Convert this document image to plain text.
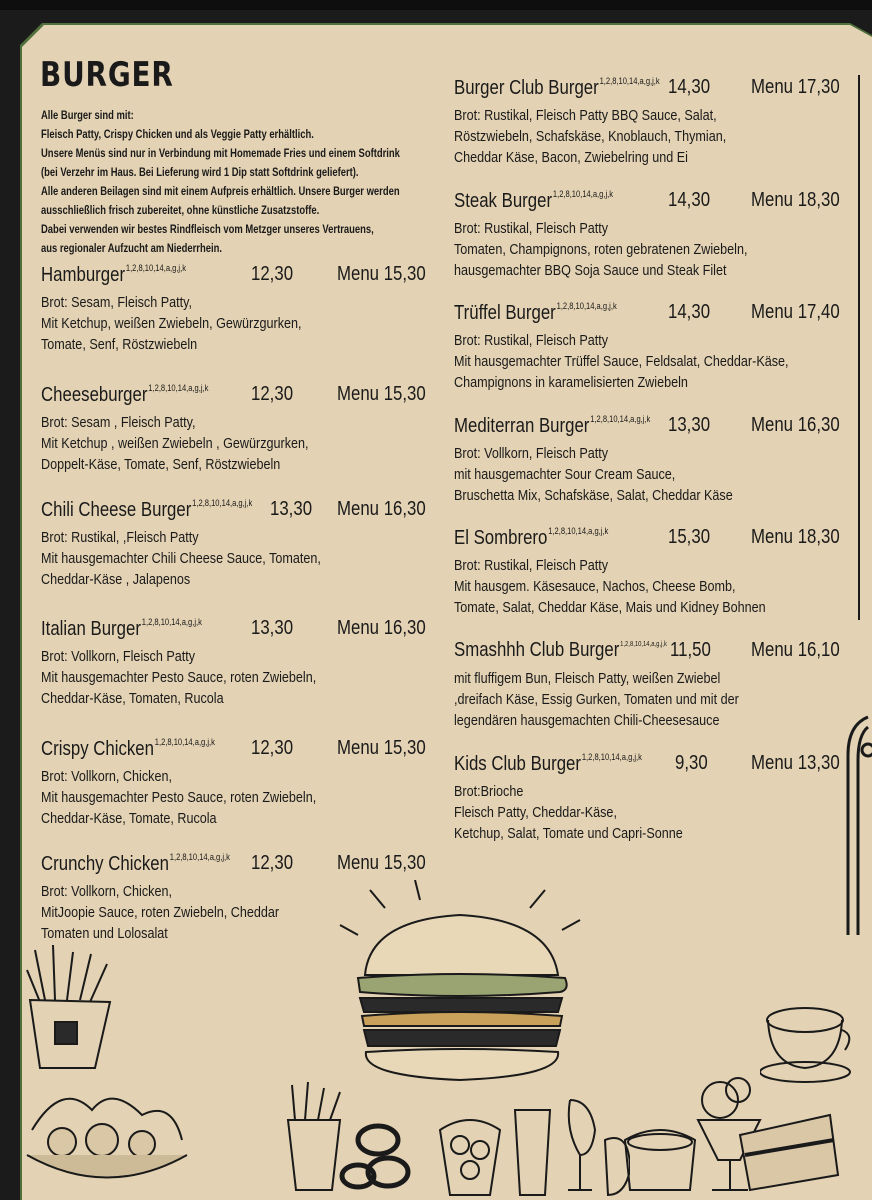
BURGER
Alle Burger sind mit:
Fleisch Patty, Crispy Chicken und als Veggie Patty erhältlich.
Unsere Menüs sind nur in Verbindung mit Homemade Fries und einem Softdrink
(bei Verzehr im Haus. Bei Lieferung wird 1 Dip statt Softdrink geliefert).
Alle anderen Beilagen sind mit einem Aufpreis erhältlich. Unsere Burger werden
ausschließlich frisch zubereitet, ohne künstliche Zusatzstoffe.
Dabei verwenden wir bestes Rindfleisch vom Metzger unseres Vertrauens,
aus regionaler Aufzucht am Niederrhein.
Hamburger$^{1,2,8,10,14,a,g,j,k}$	12,30 Menu 15,30
Brot: Sesam, Fleisch Patty,
Mit Ketchup, weißen Zwiebeln, Gewürzgurken,
Tomate, Senf, Röstzwiebeln
Cheeseburger$^{1,2,8,10,14,a,g,j,k}$ 12,30 Menu 15,30
Brot: Sesam , Fleisch Patty,
Mit Ketchup , weißen Zwiebeln , Gewürzgurken,
Doppelt-Käse, Tomate, Senf, Röstzwiebeln
Chili Cheese Burger$^{1,2,8,10,14,a,g,j,k}$ 13,30 Menu 16,30
Brot: Rustikal, ,Fleisch Patty
Mit hausgemachter Chili Cheese Sauce, Tomaten,
Cheddar-Käse , Jalapenos
Italian Burger$^{1,2,8,10,14,a,g,j,k}$ 13,30 Menu 16,30
Brot: Vollkorn, Fleisch Patty
Mit hausgemachter Pesto Sauce, roten Zwiebeln,
Cheddar-Käse, Tomaten, Rucola
Crispy Chicken$^{1,2,8,10,14,a,g,j,k}$ 12,30 Menu 15,30
Brot: Vollkorn, Chicken,
Mit hausgemachter Pesto Sauce, roten Zwiebeln,
Cheddar-Käse, Tomate, Rucola
Crunchy Chicken$^{1,2,8,10,14,a,g,j,k}$ 12,30 Menu 15,30
Brot: Vollkorn, Chicken,
MitJoopie Sauce, roten Zwiebeln, Cheddar
Tomaten und Lolosalat
Burger Club Burger$^{1,2,8,10,14,a,g,j,k}$ 14,30 Menu 17,30
Brot: Rustikal, Fleisch Patty BBQ Sauce, Salat,
Röstzwiebeln, Schafskäse, Knoblauch, Thymian,
Cheddar Käse, Bacon, Zwiebelring und Ei
Steak Burger$^{1,2,8,10,14,a,g,j,k}$	14,30 Menu 18,30
Brot: Rustikal, Fleisch Patty
Tomaten, Champignons, roten gebratenen Zwiebeln,
hausgemachter BBQ Soja Sauce und Steak Filet
Trüffel Burger$^{1,2,8,10,14,a,g,j,k}$	14,30 Menu 17,40
Brot: Rustikal, Fleisch Patty
Mit hausgemachter Trüffel Sauce, Feldsalat, Cheddar-Käse,
Champignons in karamelisierten Zwiebeln
Mediterran Burger$^{1,2,8,10,14,a,g,j,k}$ 13,30 Menu 16,30
Brot: Vollkorn, Fleisch Patty
mit hausgemachter Sour Cream Sauce,
Bruschetta Mix, Schafskäse, Salat, Cheddar Käse
El Sombrero$^{1,2,8,10,14,a,g,j,k}$	15,30 Menu 18,30
Brot: Rustikal, Fleisch Patty
Mit hausgem. Käsesauce, Nachos, Cheese Bomb,
Tomate, Salat, Cheddar Käse, Mais und Kidney Bohnen
Smashhh Club Burger$^{1,2,8,10,14,a,g,j,k}$ 11,50 Menu 16,10
mit fluffigem Bun, Fleisch Patty, weißen Zwiebel
,dreifach Käse, Essig Gurken, Tomaten und mit der
legendären hausgemachten Chili-Cheesesauce
Kids Club Burger$^{1,2,8,10,14,a,g,j,k}$ 9,30 Menu 13,30
Brot:Brioche
Fleisch Patty, Cheddar-Käse,
Ketchup, Salat, Tomate und Capri-Sonne
